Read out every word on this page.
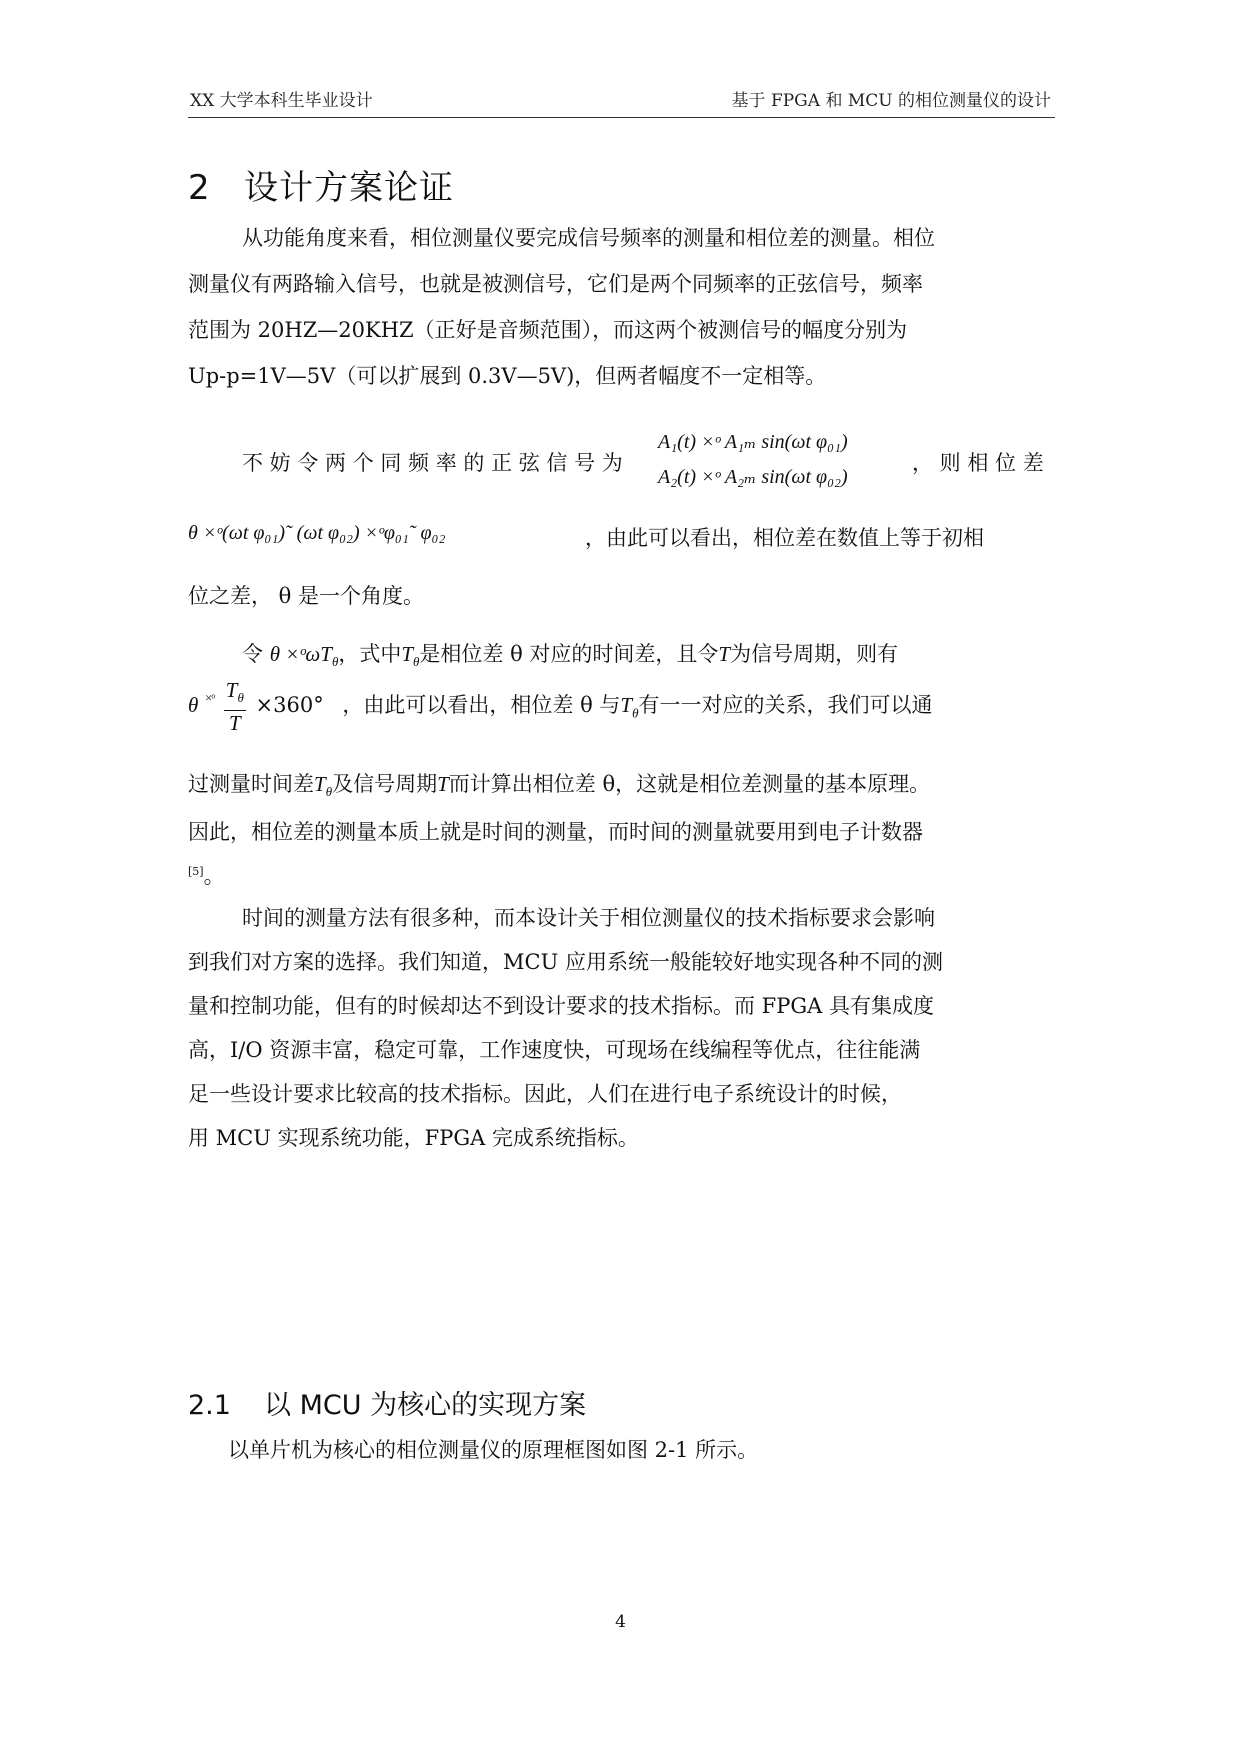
XX 大学本科生毕业设计	基于 FPGA 和 MCU 的相位测量仪的设计
2 设计方案论证
从功能角度来看，相位测量仪要完成信号频率的测量和相位差的测量。相位
测量仪有两路输入信号，也就是被测信号，它们是两个同频率的正弦信号，频率
范围为 20HZ—20KHZ（正好是音频范围），而这两个被测信号的幅度分别为
Up-p=1V—5V（可以扩展到 0.3V—5V)，但两者幅度不一定相等。
不 妨 令 两 个 同 频 率 的 正 弦 信 号 为
A₁(t) ×ᵒ A₁ₘ sin(ωt φ₀₁)
A₂(t) ×ᵒ A₂ₘ sin(ωt φ₀₂)
， 则 相 位 差
θ ×ᵒ(ωt φ₀₁)˜ (ωt φ₀₂) ×ᵒφ₀₁˜ φ₀₂	，由此可以看出，相位差在数值上等于初相
位之差， θ 是一个角度。
令 θ ×ᵒωT$_\theta$，式中$T_\theta$是相位差 θ 对应的时间差，且令T为信号周期，则有
θ $^{\times ᵒ} \frac{T_\theta}{T} \times 360^\circ$ ，由此可以看出，相位差 θ 与$T_\theta$有一一对应的关系，我们可以通
过测量时间差$T_\theta$及信号周期T而计算出相位差 θ，这就是相位差测量的基本原理。
因此，相位差的测量本质上就是时间的测量，而时间的测量就要用到电子计数器
[5]。
时间的测量方法有很多种，而本设计关于相位测量仪的技术指标要求会影响
到我们对方案的选择。我们知道，MCU 应用系统一般能较好地实现各种不同的测
量和控制功能，但有的时候却达不到设计要求的技术指标。而 FPGA 具有集成度
高，I/O 资源丰富，稳定可靠，工作速度快，可现场在线编程等优点，往往能满
足一些设计要求比较高的技术指标。因此，人们在进行电子系统设计的时候，
用 MCU 实现系统功能，FPGA 完成系统指标。
2.1 以 MCU 为核心的实现方案
以单片机为核心的相位测量仪的原理框图如图 2-1 所示。
4
